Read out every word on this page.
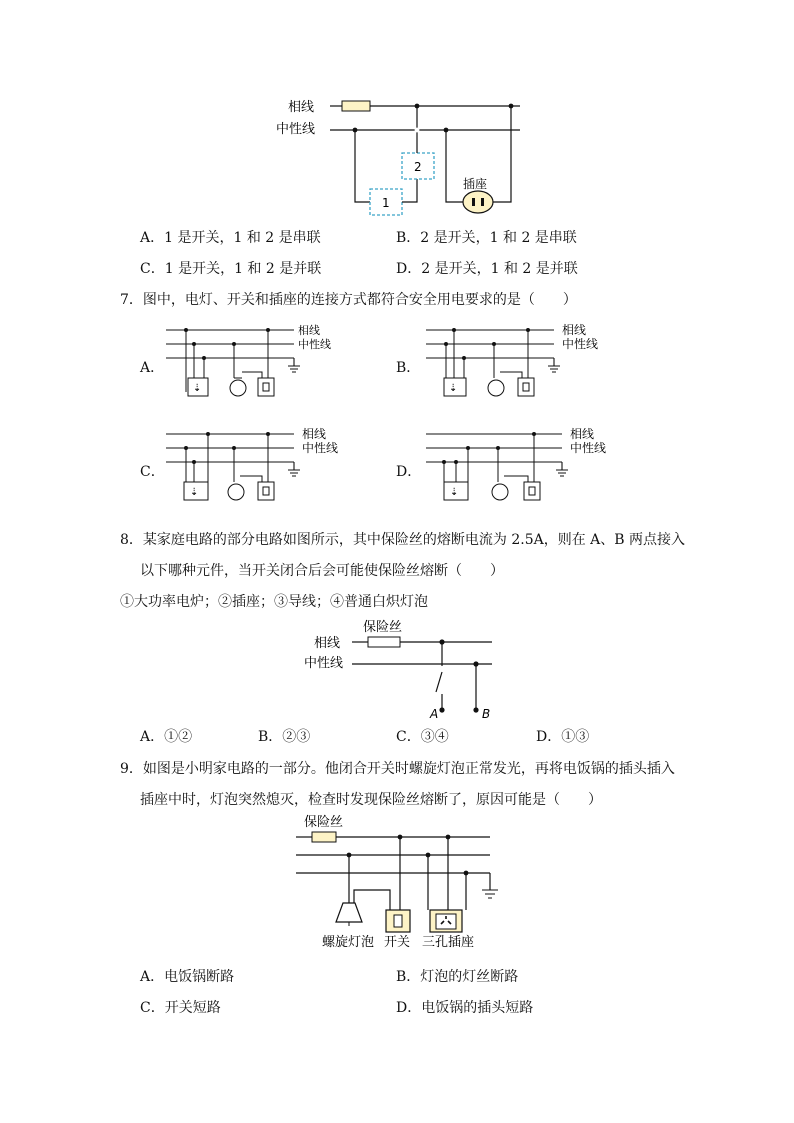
相线
中性线
1
2
插座
A．1 是开关，1 和 2 是串联	B．2 是开关，1 和 2 是串联
C．1 是开关，1 和 2 是并联	D．2 是开关，1 和 2 是并联
7．图中，电灯、开关和插座的连接方式都符合安全用电要求的是（　　）
A．
相线
中性线
⇣
B．
相线
中性线
⇣
C．
相线
中性线
⇣
D．
相线
中性线
⇣
8．某家庭电路的部分电路如图所示，其中保险丝的熔断电流为 2.5A，则在 A、B 两点接入
以下哪种元件，当开关闭合后会可能使保险丝熔断（　　）
①大功率电炉；②插座；③导线；④普通白炽灯泡
保险丝
相线
中性线
A	B
A．①②	B．②③	C．③④	D．①③
9．如图是小明家电路的一部分。他闭合开关时螺旋灯泡正常发光，再将电饭锅的插头插入
插座中时，灯泡突然熄灭，检查时发现保险丝熔断了，原因可能是（　　）
保险丝
螺旋灯泡 开关 三孔插座
A．电饭锅断路	B．灯泡的灯丝断路
C．开关短路	D．电饭锅的插头短路
